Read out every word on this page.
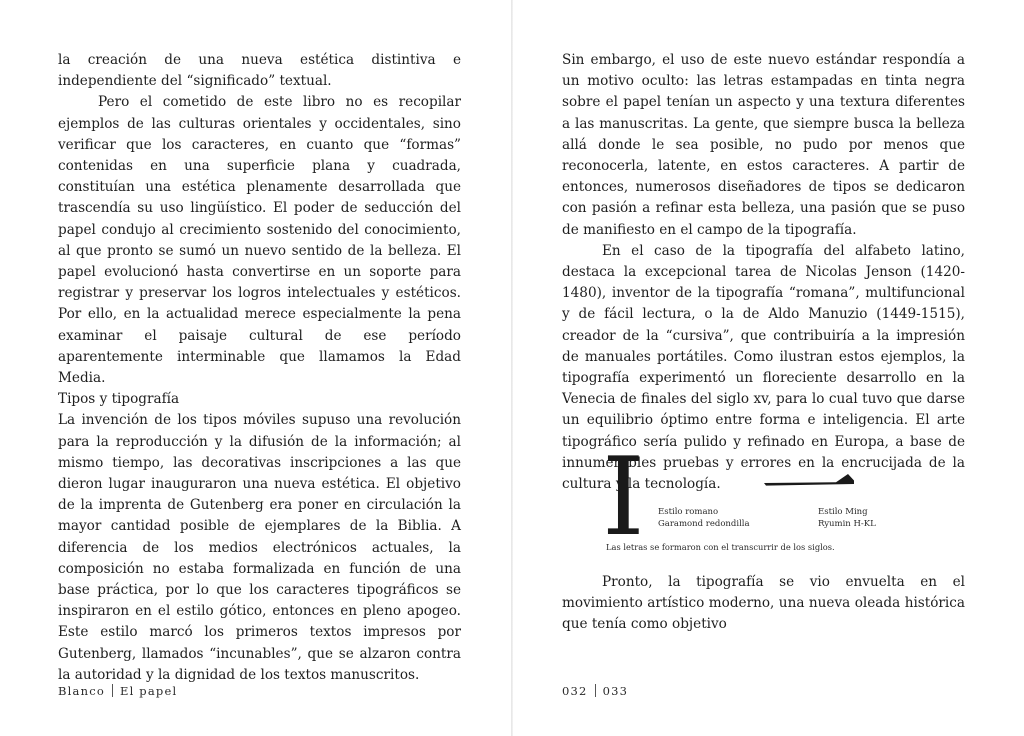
la creación de una nueva estética distintiva e independiente del “significado” textual.

Pero el cometido de este libro no es recopilar ejemplos de las culturas orientales y occidentales, sino verificar que los caracteres, en cuanto que “formas” contenidas en una superficie plana y cuadrada, constituían una estética plenamente desarrollada que trascendía su uso lingüístico. El poder de seducción del papel condujo al crecimiento sostenido del conocimiento, al que pronto se sumó un nuevo sentido de la belleza. El papel evolucionó hasta convertirse en un soporte para registrar y preservar los logros intelectuales y estéticos. Por ello, en la actualidad merece especialmente la pena examinar el paisaje cultural de ese período aparentemente interminable que llamamos la Edad Media.

Tipos y tipografía

La invención de los tipos móviles supuso una revolución para la reproducción y la difusión de la información; al mismo tiempo, las decorativas inscripciones a las que dieron lugar inauguraron una nueva estética. El objetivo de la imprenta de Gutenberg era poner en circulación la mayor cantidad posible de ejemplares de la Biblia. A diferencia de los medios electrónicos actuales, la composición no estaba formalizada en función de una base práctica, por lo que los caracteres tipográficos se inspiraron en el estilo gótico, entonces en pleno apogeo. Este estilo marcó los primeros textos impresos por Gutenberg, llamados “incunables”, que se alzaron contra la autoridad y la dignidad de los textos manuscritos.

Blanco El papel

Sin embargo, el uso de este nuevo estándar respondía a un motivo oculto: las letras estampadas en tinta negra sobre el papel tenían un aspecto y una textura diferentes a las manuscritas. La gente, que siempre busca la belleza allá donde le sea posible, no pudo por menos que reconocerla, latente, en estos caracteres. A partir de entonces, numerosos diseñadores de tipos se dedicaron con pasión a refinar esta belleza, una pasión que se puso de manifiesto en el campo de la tipografía.

En el caso de la tipografía del alfabeto latino, destaca la excepcional tarea de Nicolas Jenson (1420-1480), inventor de la tipografía “romana”, multifuncional y de fácil lectura, o la de Aldo Manuzio (1449-1515), creador de la “cursiva”, que contribuiría a la impresión de manuales portátiles. Como ilustran estos ejemplos, la tipografía experimentó un floreciente desarrollo en la Venecia de finales del siglo xv, para lo cual tuvo que darse un equilibrio óptimo entre forma e inteligencia. El arte tipográfico sería pulido y refinado en Europa, a base de innumerables pruebas y errores en la encrucijada de la cultura y la tecnología.

I Estilo romano
Garamond redondilla
Estilo Ming
Ryumin H-KL
Las letras se formaron con el transcurrir de los siglos.

Pronto, la tipografía se vio envuelta en el movimiento artístico moderno, una nueva oleada histórica que tenía como objetivo

032 033
